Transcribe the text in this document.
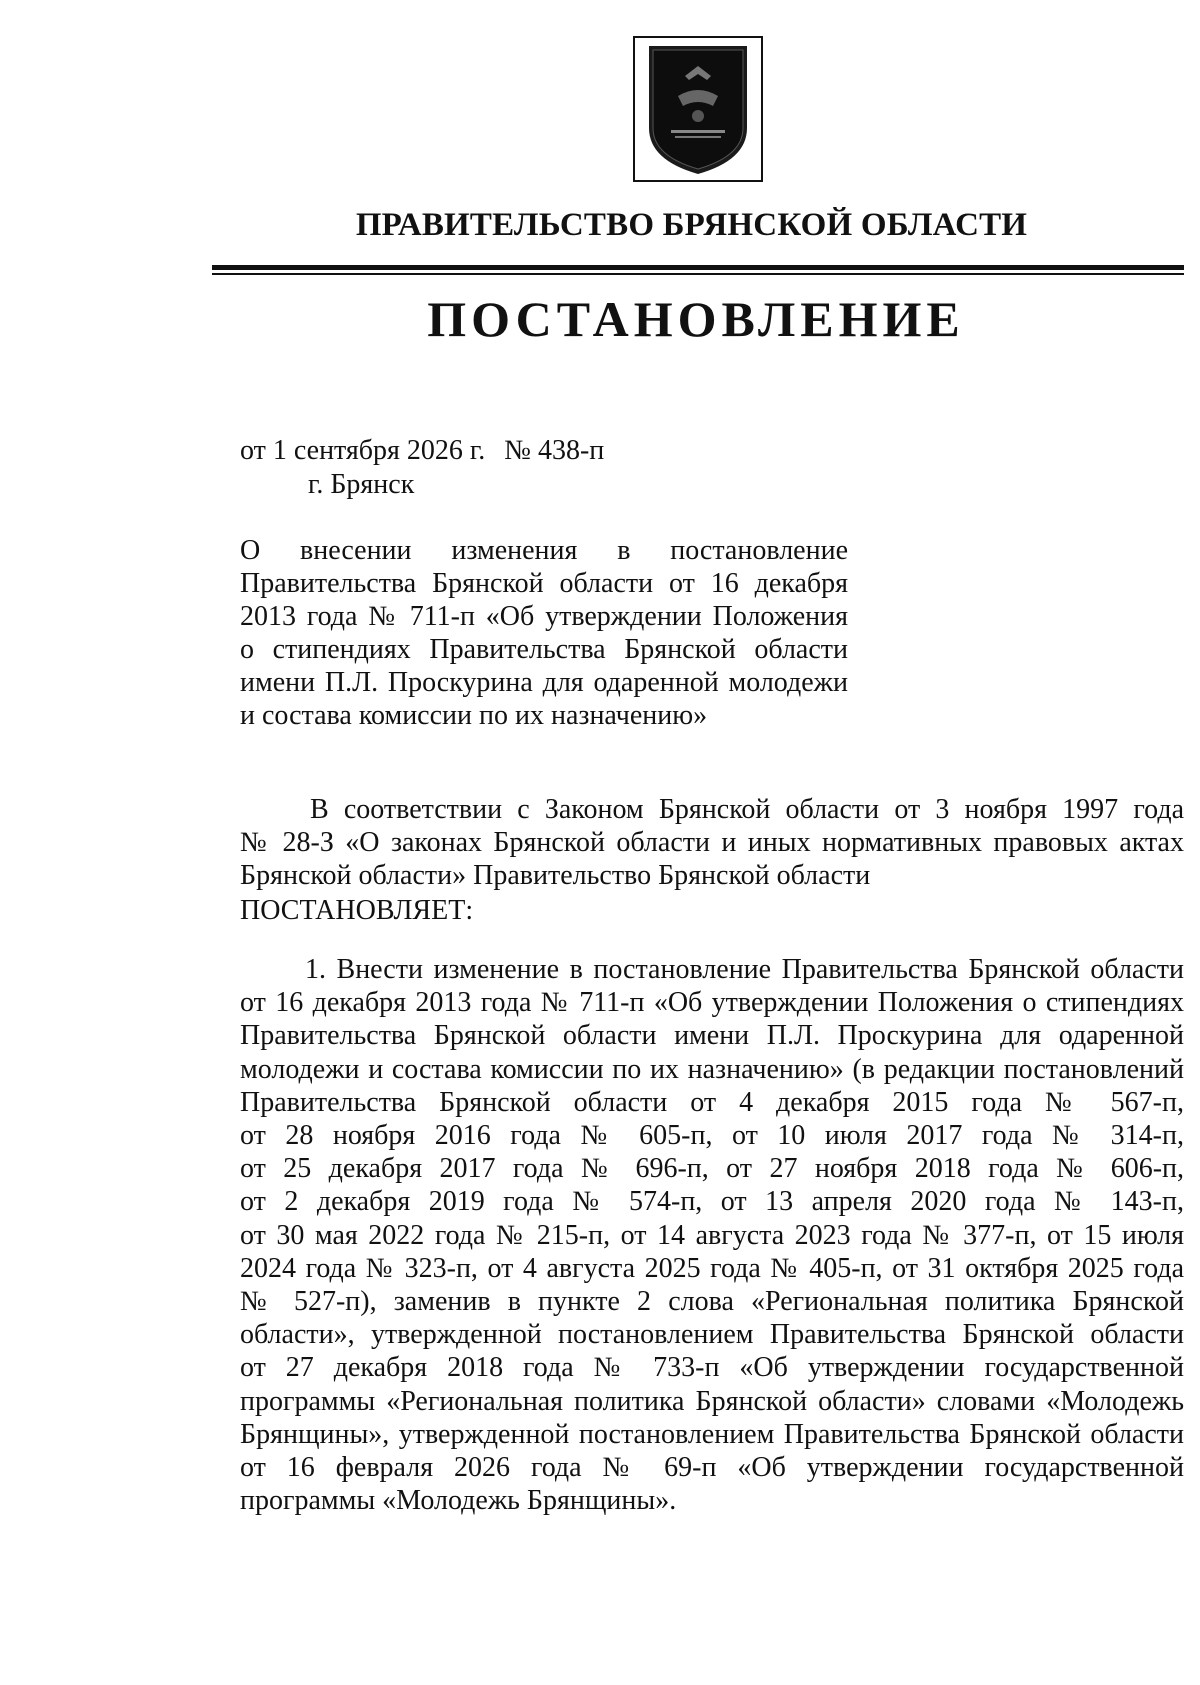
ПРАВИТЕЛЬСТВО БРЯНСКОЙ ОБЛАСТИ
ПОСТАНОВЛЕНИЕ
от 1 сентября 2026 г. № 438-п
г. Брянск
О внесении изменения в постановление
Правительства Брянской области от 16 декабря
2013 года № 711-п «Об утверждении Положения
о стипендиях Правительства Брянской области
имени П.Л. Проскурина для одаренной молодежи
и состава комиссии по их назначению»
В соответствии с Законом Брянской области от 3 ноября 1997 года
№ 28-З «О законах Брянской области и иных нормативных правовых актах
Брянской области» Правительство Брянской области
ПОСТАНОВЛЯЕТ:
1. Внести изменение в постановление Правительства Брянской области
от 16 декабря 2013 года № 711-п «Об утверждении Положения о стипендиях
Правительства Брянской области имени П.Л. Проскурина для одаренной
молодежи и состава комиссии по их назначению» (в редакции постановлений
Правительства Брянской области от 4 декабря 2015 года № 567-п,
от 28 ноября 2016 года № 605-п, от 10 июля 2017 года № 314-п,
от 25 декабря 2017 года № 696-п, от 27 ноября 2018 года № 606-п,
от 2 декабря 2019 года № 574-п, от 13 апреля 2020 года № 143-п,
от 30 мая 2022 года № 215-п, от 14 августа 2023 года № 377-п, от 15 июля
2024 года № 323-п, от 4 августа 2025 года № 405-п, от 31 октября 2025 года
№ 527-п), заменив в пункте 2 слова «Региональная политика Брянской
области», утвержденной постановлением Правительства Брянской области
от 27 декабря 2018 года № 733-п «Об утверждении государственной
программы «Региональная политика Брянской области» словами «Молодежь
Брянщины», утвержденной постановлением Правительства Брянской области
от 16 февраля 2026 года № 69-п «Об утверждении государственной
программы «Молодежь Брянщины».
